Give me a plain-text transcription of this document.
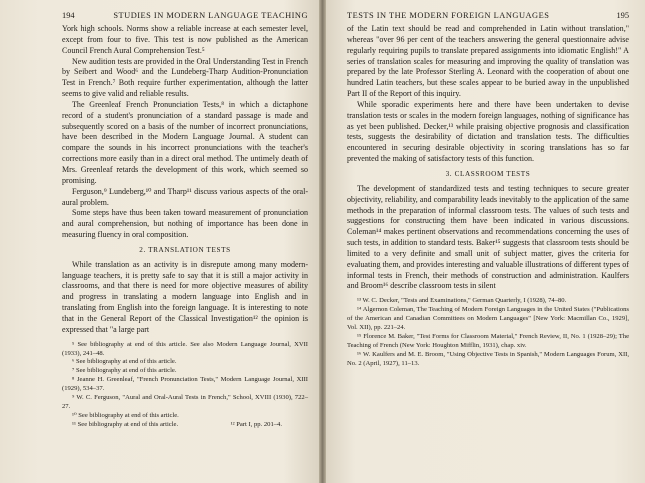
194	STUDIES IN MODERN LANGUAGE TEACHING

York high schools. Norms show a reliable increase at each semester level, except from four to five. This test is now published as the American Council French Aural Comprehension Test.⁵

New audition tests are provided in the Oral Understanding Test in French by Seibert and Wood⁶ and the Lundeberg-Tharp Audition-Pronunciation Test in French.⁷ Both require further experimentation, although the latter seems to give valid and reliable results.

The Greenleaf French Pronunciation Tests,⁸ in which a dictaphone record of a student's pronunciation of a standard passage is made and subsequently scored on a basis of the number of incorrect pronunciations, have been described in the Modern Language Journal. A student can compare the sounds in his incorrect pronunciations with the teacher's corrections more easily than in a direct oral method. The untimely death of Mrs. Greenleaf retards the development of this work, which seemed so promising.

Ferguson,⁹ Lundeberg,¹⁰ and Tharp¹¹ discuss various aspects of the oral-aural problem.

Some steps have thus been taken toward measurement of pronunciation and aural comprehension, but nothing of importance has been done in measuring fluency in oral composition.

2. TRANSLATION TESTS

While translation as an activity is in disrepute among many modern-language teachers, it is pretty safe to say that it is still a major activity in classrooms, and that there is need for more objective measures of ability and progress in translating a modern language into English and in translating from English into the foreign language. It is interesting to note that in the General Report of the Classical Investigation¹² the opinion is expressed that "a large part

⁵ See bibliography at end of this article. See also Modern Language Journal, XVII (1933), 241–48.

⁶ See bibliography at end of this article.

⁷ See bibliography at end of this article.

⁸ Jeanne H. Greenleaf, "French Pronunciation Tests," Modern Language Journal, XIII (1929), 534–37.

⁹ W. C. Ferguson, "Aural and Oral-Aural Tests in French," School, XVIII (1930), 722–27.

¹⁰ See bibliography at end of this article.

¹¹ See bibliography at end of this article.	¹² Part I, pp. 201–4.
TESTS IN THE MODERN FOREIGN LANGUAGES	195

of the Latin text should be read and comprehended in Latin without translation," whereas "over 96 per cent of the teachers answering the general questionnaire advise regularly requiring pupils to translate prepared assignments into idiomatic English!" A series of translation scales for measuring and improving the quality of translation was prepared by the late Professor Sterling A. Leonard with the cooperation of about one hundred Latin teachers, but these scales appear to be buried away in the unpublished Part II of the Report of this inquiry.

While sporadic experiments here and there have been undertaken to devise translation tests or scales in the modern foreign languages, nothing of significance has as yet been published. Decker,¹³ while praising objective prognosis and classification tests, suggests the desirability of dictation and translation tests. The difficulties encountered in securing desirable objectivity in scoring translations has so far prevented the making of satisfactory tests of this function.

3. CLASSROOM TESTS

The development of standardized tests and testing techniques to secure greater objectivity, reliability, and comparability leads inevitably to the application of the same methods in the preparation of informal classroom tests. The values of such tests and suggestions for constructing them have been indicated in various discussions. Coleman¹⁴ makes pertinent observations and recommendations concerning the uses of such tests, in addition to standard tests. Baker¹⁵ suggests that classroom tests should be limited to a very definite and small unit of subject matter, gives the criteria for evaluating them, and provides interesting and valuable illustrations of different types of informal tests in French, their methods of construction and administration. Kaulfers and Broom¹⁶ describe classroom tests in silent

¹³ W. C. Decker, "Tests and Examinations," German Quarterly, I (1928), 74–80.

¹⁴ Algernon Coleman, The Teaching of Modern Foreign Languages in the United States ("Publications of the American and Canadian Committees on Modern Languages" [New York: Macmillan Co., 1929], Vol. XII), pp. 221–24.

¹⁵ Florence M. Baker, "Test Forms for Classroom Material," French Review, II, No. 1 (1928–29); The Teaching of French (New York: Houghton Mifflin, 1931), chap. xiv.

¹⁶ W. Kaulfers and M. E. Broom, "Using Objective Tests in Spanish," Modern Languages Forum, XII, No. 2 (April, 1927), 11–13.
